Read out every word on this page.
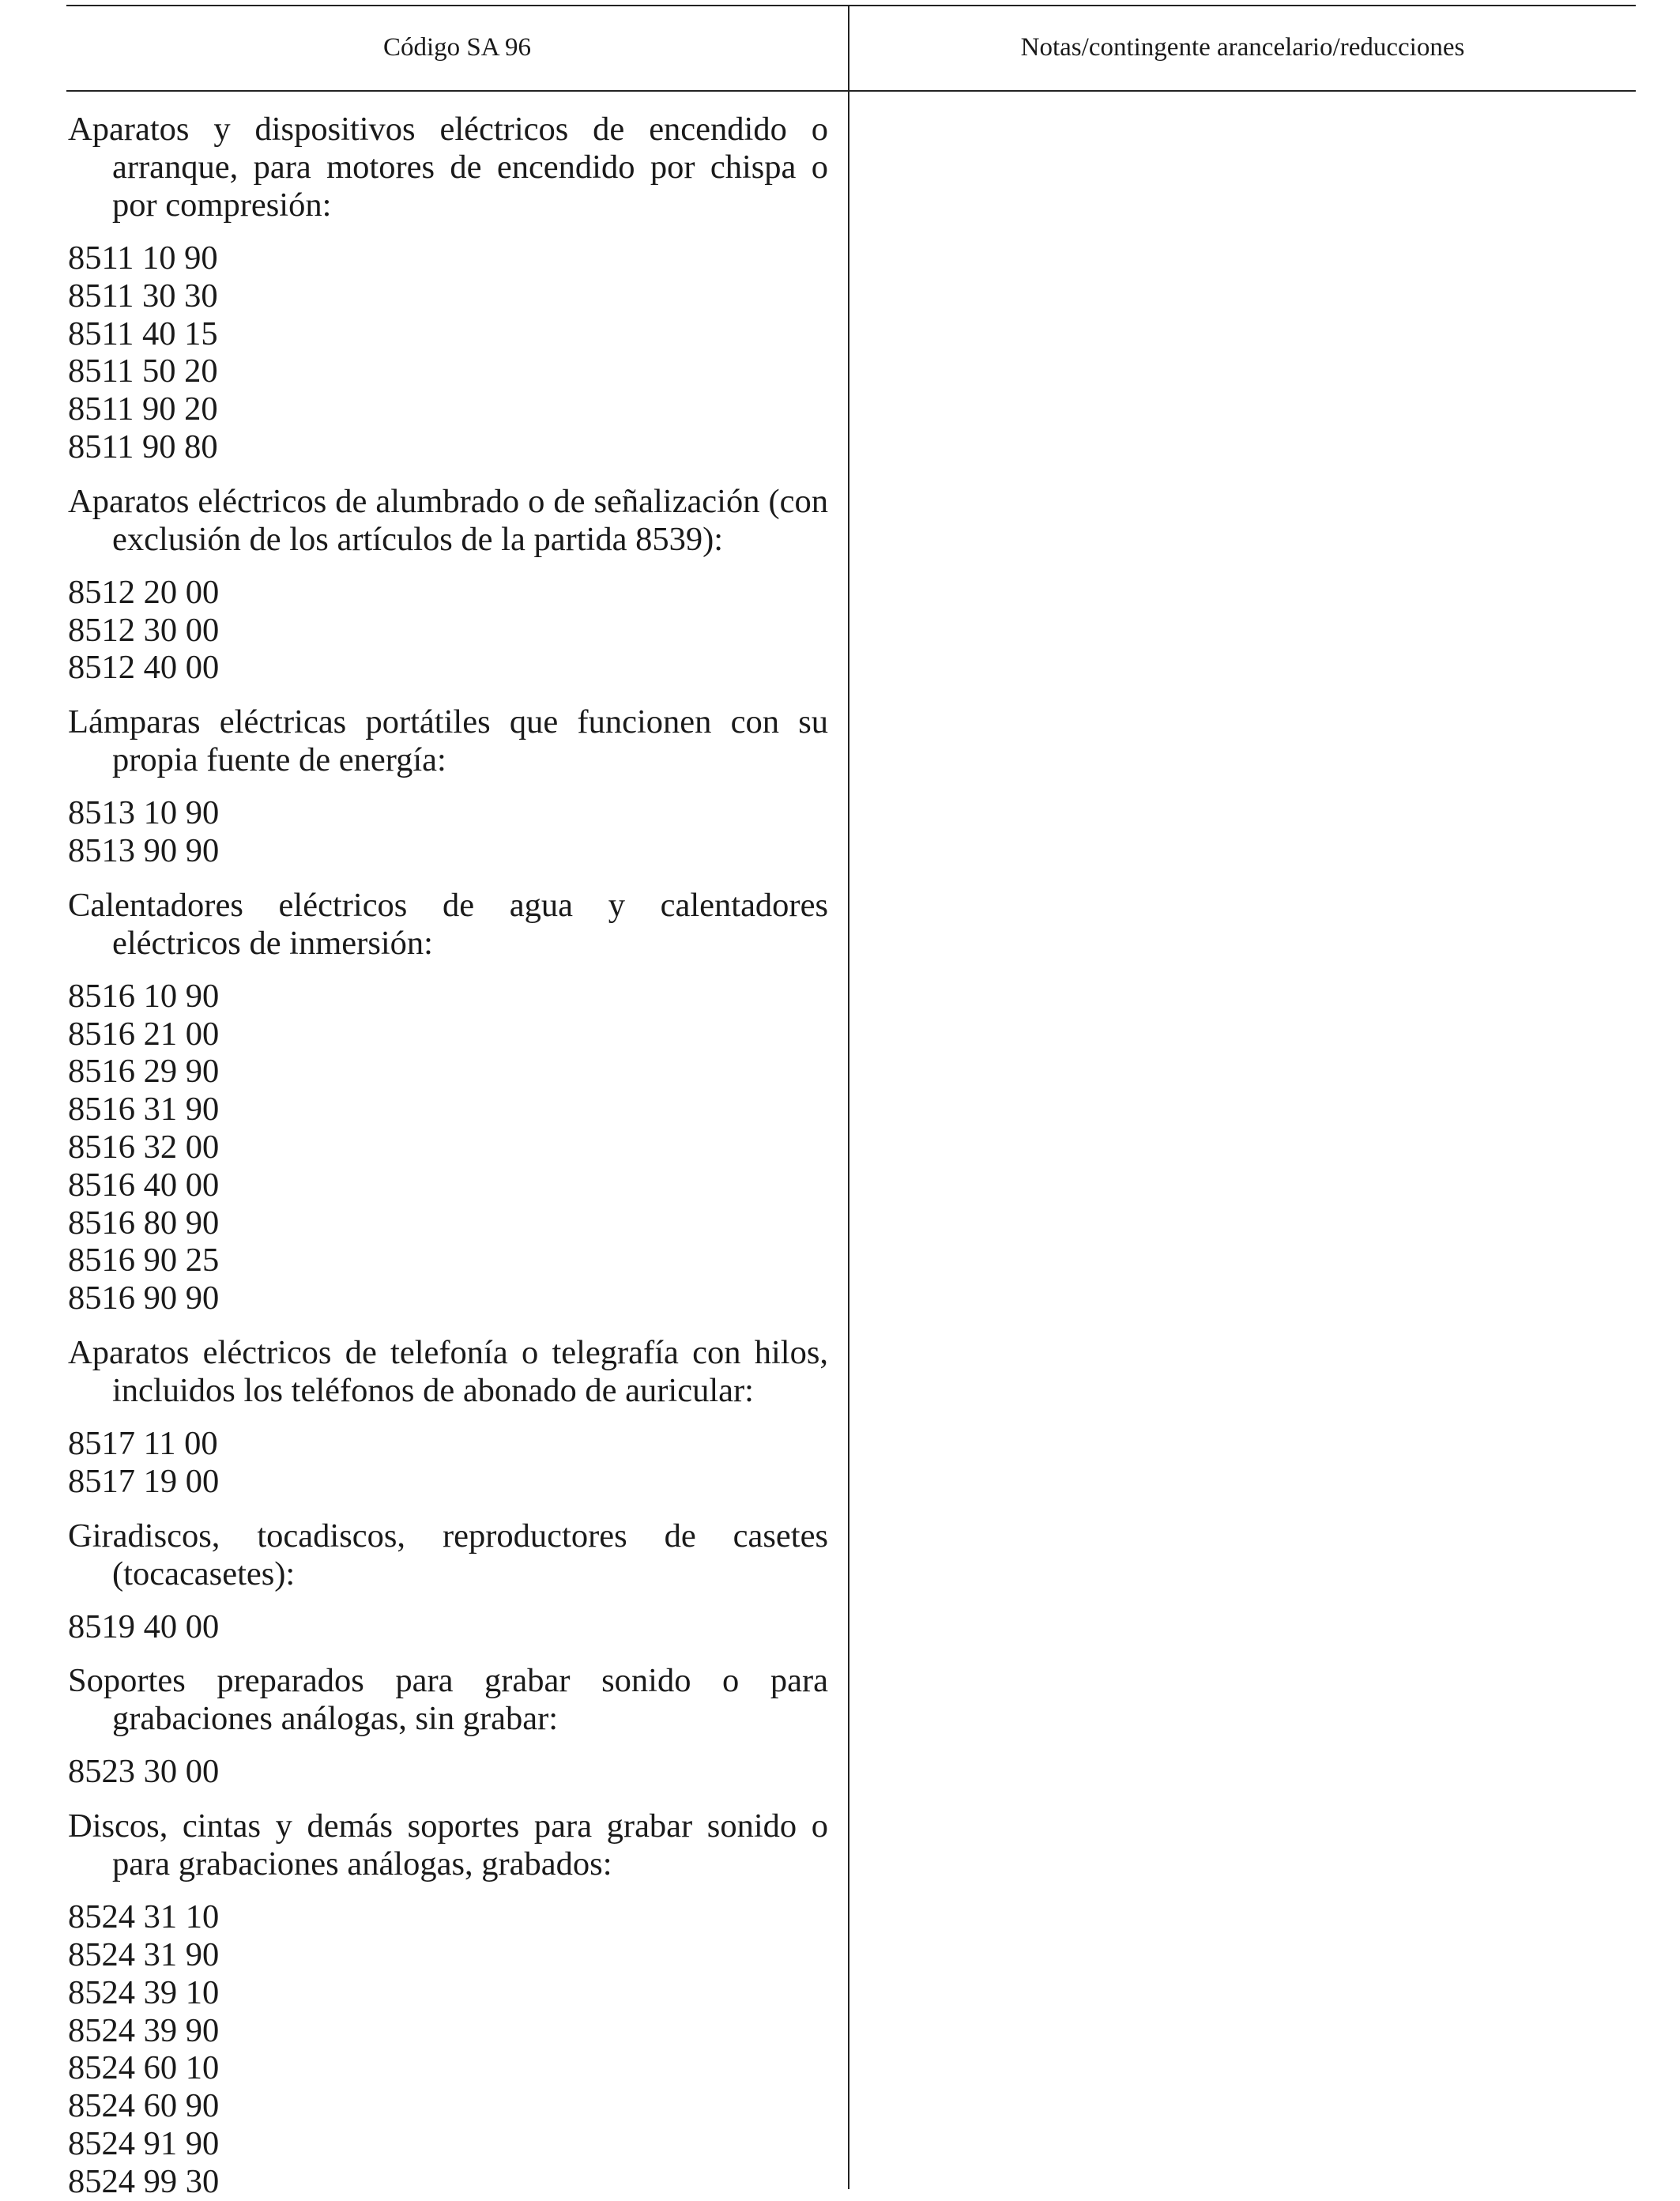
Código SA 96	Notas/contingente arancelario/reducciones

Aparatos y dispositivos eléctricos de encendido o arranque, para motores de encendido por chispa o por compresión:

8511 10 90
8511 30 30
8511 40 15
8511 50 20
8511 90 20
8511 90 80

Aparatos eléctricos de alumbrado o de señalización (con exclusión de los artículos de la partida 8539):

8512 20 00
8512 30 00
8512 40 00

Lámparas eléctricas portátiles que funcionen con su propia fuente de energía:

8513 10 90
8513 90 90

Calentadores eléctricos de agua y calentadores eléctricos de inmersión:

8516 10 90
8516 21 00
8516 29 90
8516 31 90
8516 32 00
8516 40 00
8516 80 90
8516 90 25
8516 90 90

Aparatos eléctricos de telefonía o telegrafía con hilos, incluidos los teléfonos de abonado de auricular:

8517 11 00
8517 19 00

Giradiscos, tocadiscos, reproductores de casetes (tocacasetes):

8519 40 00

Soportes preparados para grabar sonido o para grabaciones análogas, sin grabar:

8523 30 00

Discos, cintas y demás soportes para grabar sonido o para grabaciones análogas, grabados:

8524 31 10
8524 31 90
8524 39 10
8524 39 90
8524 60 10
8524 60 90
8524 91 90
8524 99 30
